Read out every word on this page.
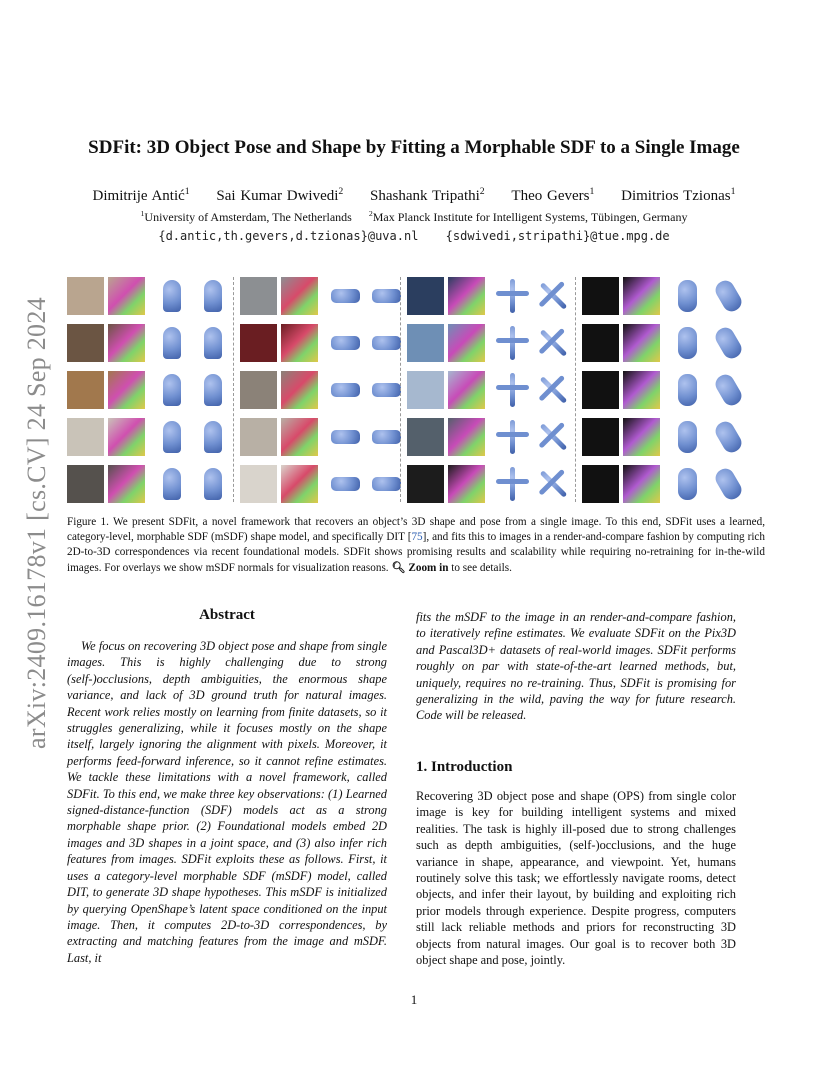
arXiv:2409.16178v1 [cs.CV] 24 Sep 2024
SDFit: 3D Object Pose and Shape by Fitting a Morphable SDF to a Single Image
Dimitrije Antić$^1$ Sai Kumar Dwivedi$^2$ Shashank Tripathi$^2$ Theo Gevers$^1$ Dimitrios Tzionas$^1$
$^1$University of Amsterdam, The Netherlands $^2$Max Planck Institute for Intelligent Systems, Tübingen, Germany
{d.antic,th.gevers,d.tzionas}@uva.nl {sdwivedi,stripathi}@tue.mpg.de
Figure 1. We present SDFit, a novel framework that recovers an object’s 3D shape and pose from a single image. To this end, SDFit uses a learned, category-level, morphable SDF (mSDF) shape model, and specifically DIT [75], and fits this to images in a render-and-compare fashion by computing rich 2D-to-3D correspondences via recent foundational models. SDFit shows promising results and scalability while requiring no-retraining for in-the-wild images. For overlays we show mSDF normals for visualization reasons. 🔍︎ Zoom in to see details.
Abstract
We focus on recovering 3D object pose and shape from single images. This is highly challenging due to strong (self-)occlusions, depth ambiguities, the enormous shape variance, and lack of 3D ground truth for natural images. Recent work relies mostly on learning from finite datasets, so it struggles generalizing, while it focuses mostly on the shape itself, largely ignoring the alignment with pixels. Moreover, it performs feed-forward inference, so it cannot refine estimates. We tackle these limitations with a novel framework, called SDFit. To this end, we make three key observations: (1) Learned signed-distance-function (SDF) models act as a strong morphable shape prior. (2) Foundational models embed 2D images and 3D shapes in a joint space, and (3) also infer rich features from images. SDFit exploits these as follows. First, it uses a category-level morphable SDF (mSDF) model, called DIT, to generate 3D shape hypotheses. This mSDF is initialized by querying OpenShape’s latent space conditioned on the input image. Then, it computes 2D-to-3D correspondences, by extracting and matching features from the image and mSDF. Last, it
fits the mSDF to the image in an render-and-compare fashion, to iteratively refine estimates. We evaluate SDFit on the Pix3D and Pascal3D+ datasets of real-world images. SDFit performs roughly on par with state-of-the-art learned methods, but, uniquely, requires no re-training. Thus, SDFit is promising for generalizing in the wild, paving the way for future research. Code will be released.
1. Introduction
Recovering 3D object pose and shape (OPS) from single color image is key for building intelligent systems and mixed realities. The task is highly ill-posed due to strong challenges such as depth ambiguities, (self-)occlusions, and the huge variance in shape, appearance, and viewpoint. Yet, humans routinely solve this task; we effortlessly navigate rooms, detect objects, and infer their layout, by building and exploiting rich prior models through experience. Despite progress, computers still lack reliable methods and priors for reconstructing 3D objects from natural images. Our goal is to recover both 3D object shape and pose, jointly.
1
